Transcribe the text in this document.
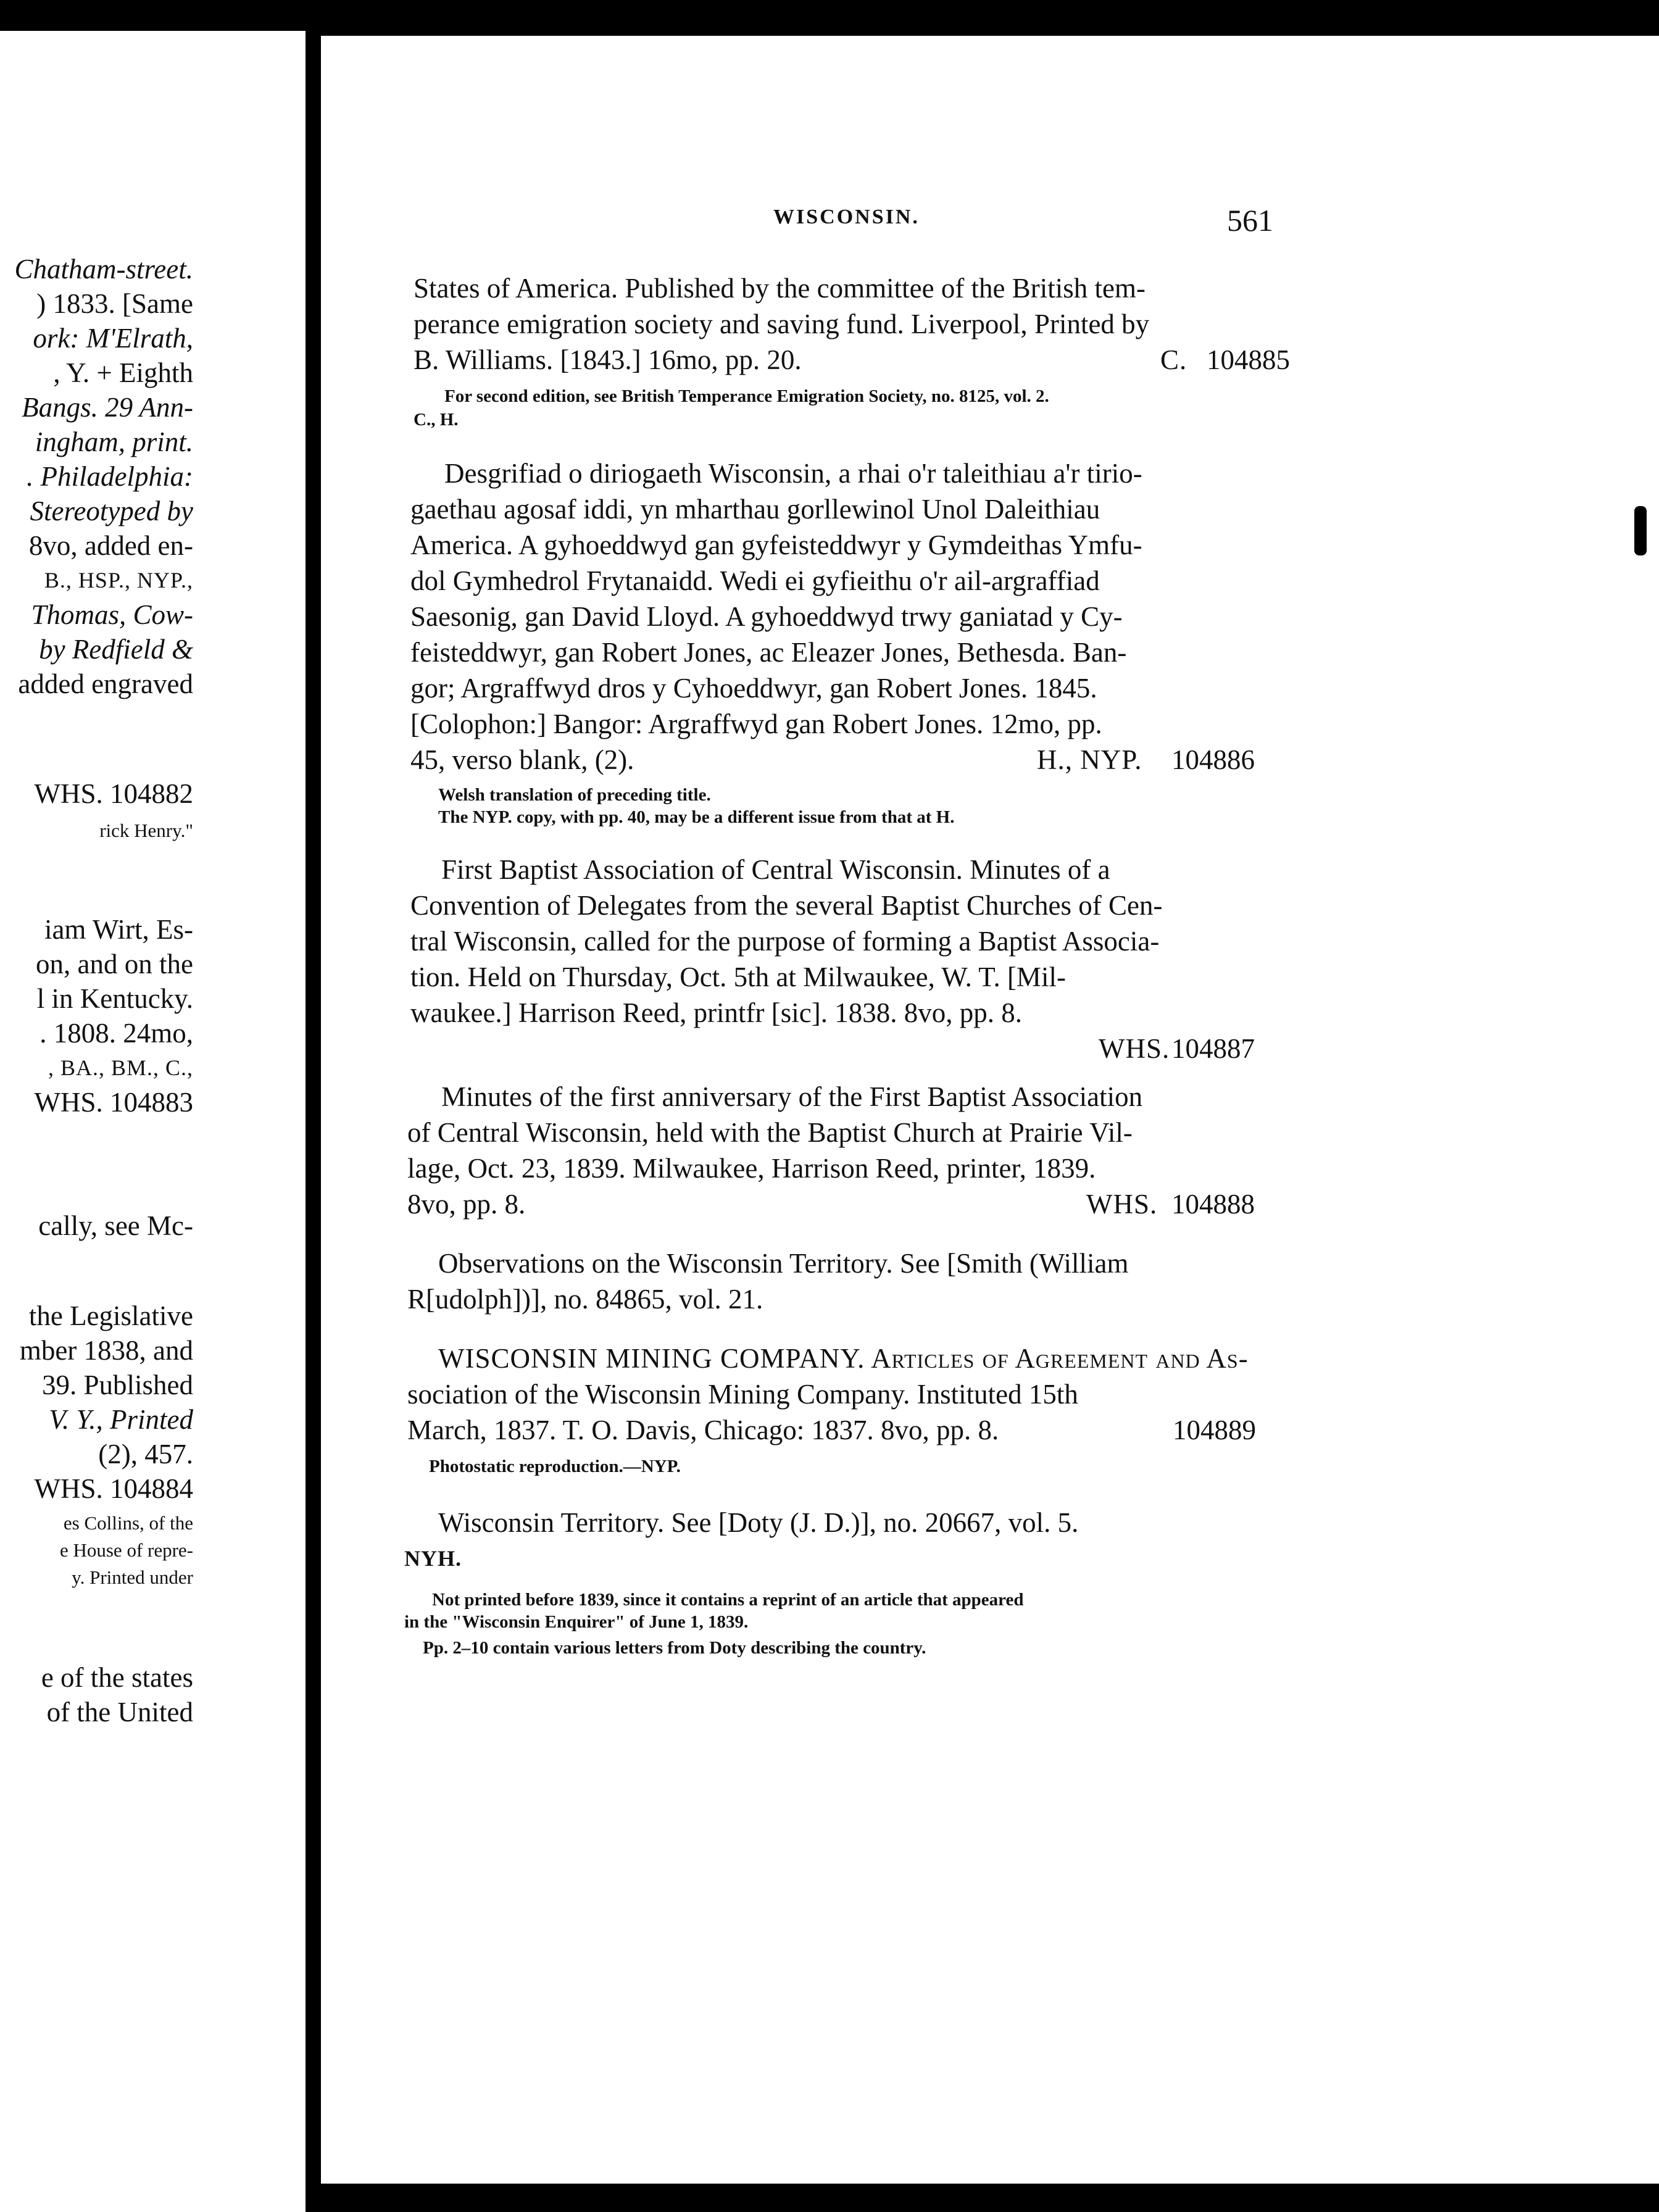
Chatham-street.
) 1833. [Same
ork: M'Elrath,
, Y. + Eighth
Bangs. 29 Ann-
ingham, print.
. Philadelphia:
Stereotyped by
8vo, added en-
B., HSP., NYP.,
Thomas, Cow-
by Redfield &
added engraved
WHS. 104882
rick Henry."
iam Wirt, Es-
on, and on the
l in Kentucky.
. 1808. 24mo,
, BA., BM., C.,
WHS. 104883
cally, see Mc-
the Legislative
mber 1838, and
39. Published
V. Y., Printed
(2), 457.
WHS. 104884
es Collins, of the
e House of repre-
y. Printed under
e of the states
of the United
WISCONSIN.	561
States of America. Published by the committee of the British tem-
perance emigration society and saving fund. Liverpool, Printed by
B. Williams. [1843.] 16mo, pp. 20.	C. 104885
For second edition, see British Temperance Emigration Society, no. 8125, vol. 2.
C., H.
Desgrifiad o diriogaeth Wisconsin, a rhai o'r taleithiau a'r tirio-
gaethau agosaf iddi, yn mharthau gorllewinol Unol Daleithiau
America. A gyhoeddwyd gan gyfeisteddwyr y Gymdeithas Ymfu-
dol Gymhedrol Frytanaidd. Wedi ei gyfieithu o'r ail-argraffiad
Saesonig, gan David Lloyd. A gyhoeddwyd trwy ganiatad y Cy-
feisteddwyr, gan Robert Jones, ac Eleazer Jones, Bethesda. Ban-
gor; Argraffwyd dros y Cyhoeddwyr, gan Robert Jones. 1845.
[Colophon:] Bangor: Argraffwyd gan Robert Jones. 12mo, pp.
45, verso blank, (2).	H., NYP. 104886
Welsh translation of preceding title.
The NYP. copy, with pp. 40, may be a different issue from that at H.
First Baptist Association of Central Wisconsin. Minutes of a
Convention of Delegates from the several Baptist Churches of Cen-
tral Wisconsin, called for the purpose of forming a Baptist Associa-
tion. Held on Thursday, Oct. 5th at Milwaukee, W. T. [Mil-
waukee.] Harrison Reed, printfr [sic]. 1838. 8vo, pp. 8.
WHS. 104887
Minutes of the first anniversary of the First Baptist Association
of Central Wisconsin, held with the Baptist Church at Prairie Vil-
lage, Oct. 23, 1839. Milwaukee, Harrison Reed, printer, 1839.
8vo, pp. 8.	WHS. 104888
Observations on the Wisconsin Territory. See [Smith (William
R[udolph])], no. 84865, vol. 21.
WISCONSIN MINING COMPANY. Articles of Agreement and As-
sociation of the Wisconsin Mining Company. Instituted 15th
March, 1837. T. O. Davis, Chicago: 1837. 8vo, pp. 8.	104889
Photostatic reproduction.—NYP.
Wisconsin Territory. See [Doty (J. D.)], no. 20667, vol. 5.
NYH.
Not printed before 1839, since it contains a reprint of an article that appeared
in the "Wisconsin Enquirer" of June 1, 1839.
Pp. 2–10 contain various letters from Doty describing the country.
